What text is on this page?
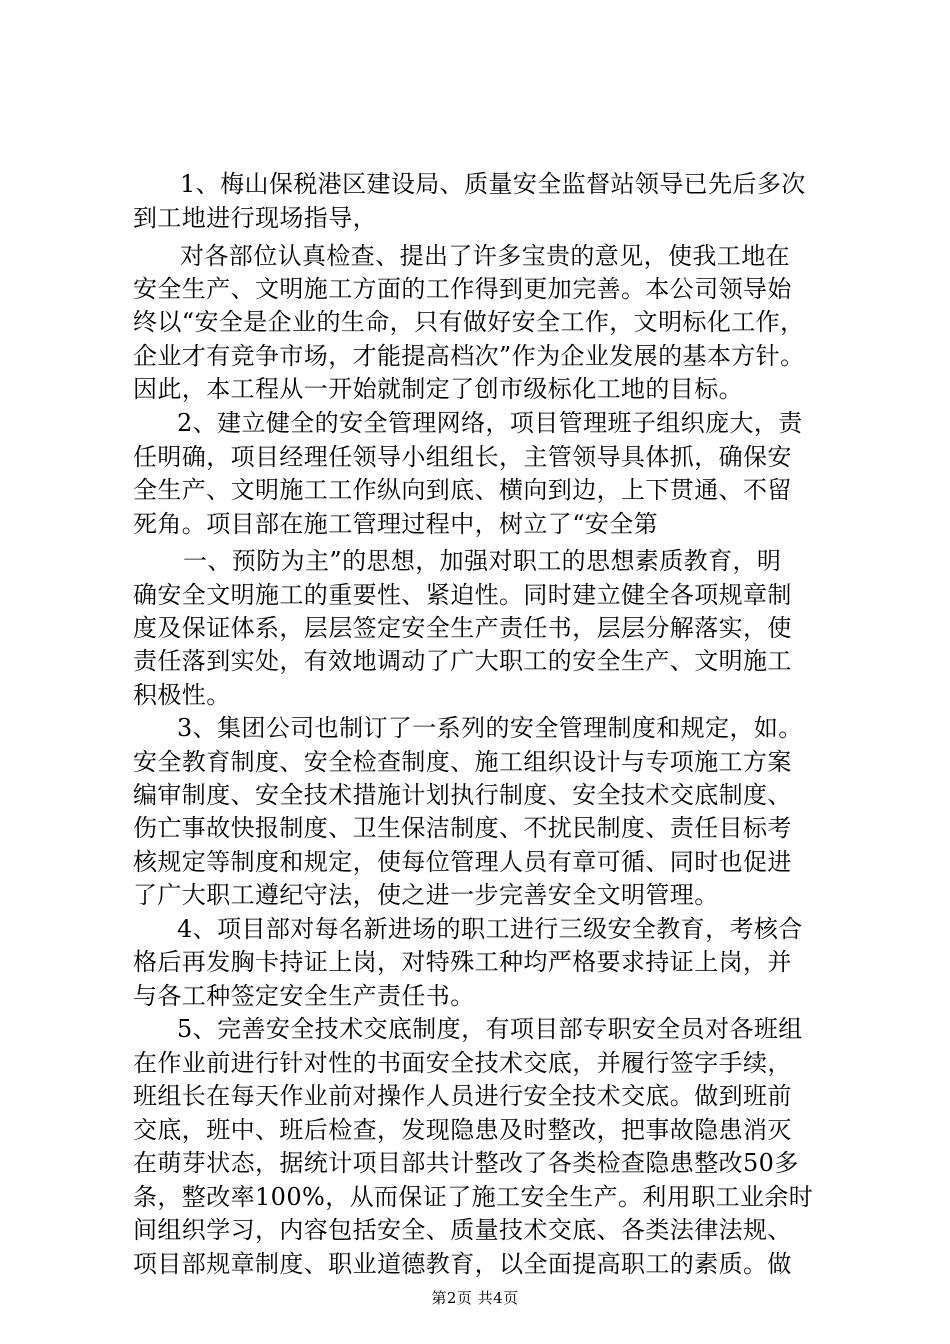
1、梅山保税港区建设局、质量安全监督站领导已先后多次
到工地进行现场指导，
对各部位认真检查、提出了许多宝贵的意见，使我工地在
安全生产、文明施工方面的工作得到更加完善。本公司领导始
终以“安全是企业的生命，只有做好安全工作，文明标化工作，
企业才有竞争市场，才能提高档次”作为企业发展的基本方针。
因此，本工程从一开始就制定了创市级标化工地的目标。
2、建立健全的安全管理网络，项目管理班子组织庞大，责
任明确，项目经理任领导小组组长，主管领导具体抓，确保安
全生产、文明施工工作纵向到底、横向到边，上下贯通、不留
死角。项目部在施工管理过程中，树立了“安全第
一、预防为主”的思想，加强对职工的思想素质教育，明
确安全文明施工的重要性、紧迫性。同时建立健全各项规章制
度及保证体系，层层签定安全生产责任书，层层分解落实，使
责任落到实处，有效地调动了广大职工的安全生产、文明施工
积极性。
3、集团公司也制订了一系列的安全管理制度和规定，如。
安全教育制度、安全检查制度、施工组织设计与专项施工方案
编审制度、安全技术措施计划执行制度、安全技术交底制度、
伤亡事故快报制度、卫生保洁制度、不扰民制度、责任目标考
核规定等制度和规定，使每位管理人员有章可循、同时也促进
了广大职工遵纪守法，使之进一步完善安全文明管理。
4、项目部对每名新进场的职工进行三级安全教育，考核合
格后再发胸卡持证上岗，对特殊工种均严格要求持证上岗，并
与各工种签定安全生产责任书。
5、完善安全技术交底制度，有项目部专职安全员对各班组
在作业前进行针对性的书面安全技术交底，并履行签字手续，
班组长在每天作业前对操作人员进行安全技术交底。做到班前
交底，班中、班后检查，发现隐患及时整改，把事故隐患消灭
在萌芽状态，据统计项目部共计整改了各类检查隐患整改50多
条，整改率100%，从而保证了施工安全生产。利用职工业余时
间组织学习，内容包括安全、质量技术交底、各类法律法规、
项目部规章制度、职业道德教育，以全面提高职工的素质。做
第2页 共4页
